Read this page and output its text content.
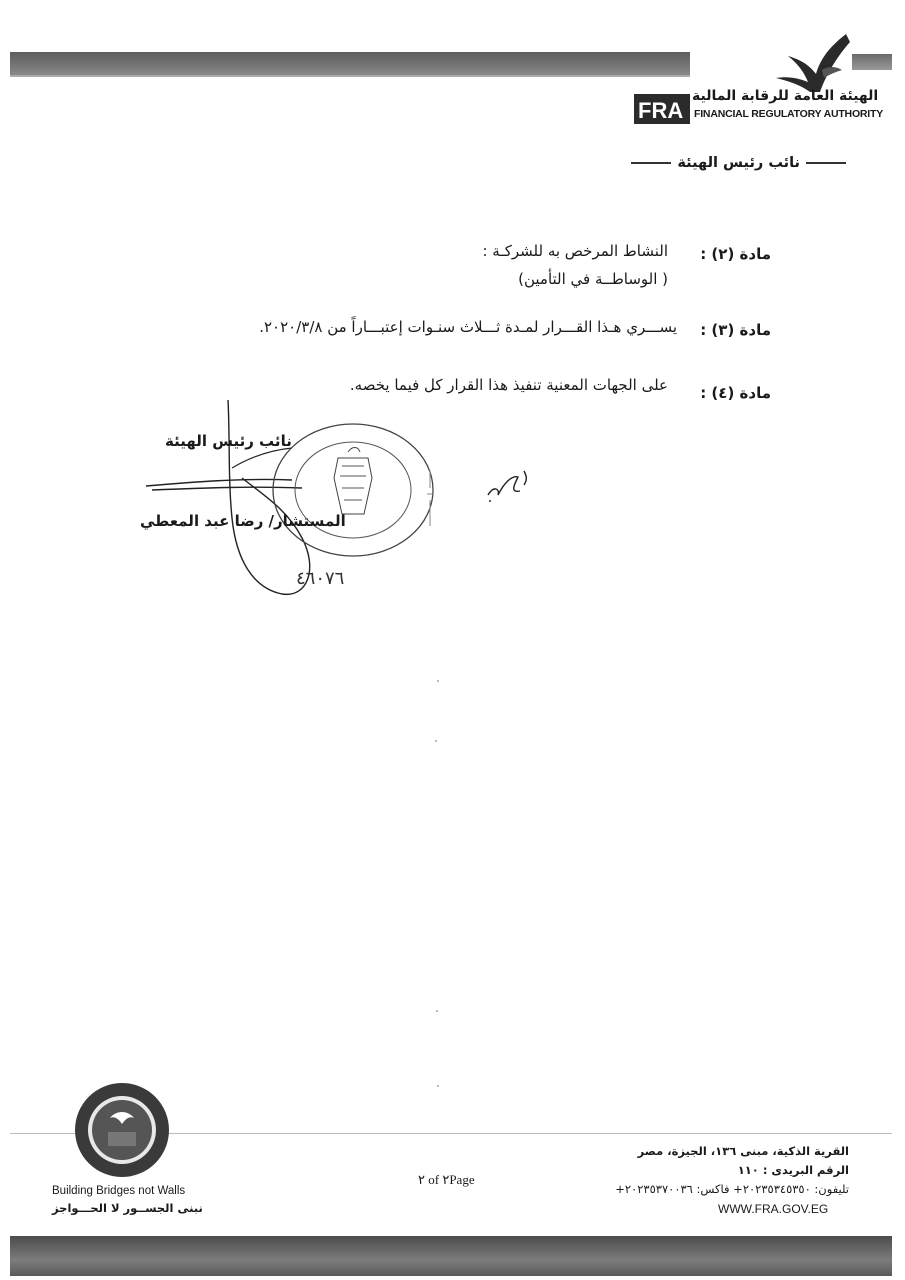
FRA
الهيئة العامة للرقابة المالية
FINANCIAL REGULATORY AUTHORITY
نائب رئيس الهيئة
مادة (٢) :
النشاط المرخص به للشركـة :
( الوساطــة في التأمين)
مادة (٣) :
يســـري هـذا القـــرار لمـدة ثـــلاث سنـوات إعتبـــاراً من ٢٠٢٠/٣/٨.
مادة (٤) :
على الجهات المعنية تنفيذ هذا القرار كل فيما يخصه.
نائب رئيس الهيئة
المستشار/ رضا عبد المعطي
٤٦٠٧٦
Building Bridges not Walls
نبنى الجســور لا الحـــواجز
٢ of ٢Page
القرية الذكية، مبنى ١٣٦، الجيزة، مصر
الرقم البريدى : ١١٠
تليفون: ٢٠٢٣٥٣٤٥٣٥٠+ فاكس: ٢٠٢٣٥٣٧٠٠٣٦+
WWW.FRA.GOV.EG
